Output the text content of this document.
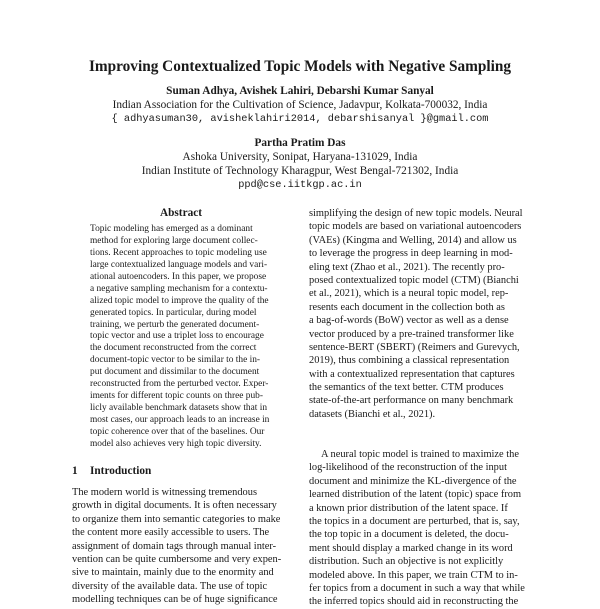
Improving Contextualized Topic Models with Negative Sampling
Suman Adhya, Avishek Lahiri, Debarshi Kumar Sanyal
Indian Association for the Cultivation of Science, Jadavpur, Kolkata-700032, India
{ adhyasuman30, avisheklahiri2014, debarshisanyal }@gmail.com
Partha Pratim Das
Ashoka University, Sonipat, Haryana-131029, India
Indian Institute of Technology Kharagpur, West Bengal-721302, India
ppd@cse.iitkgp.ac.in
Abstract
Topic modeling has emerged as a dominant
method for exploring large document collec-
tions. Recent approaches to topic modeling use
large contextualized language models and vari-
ational autoencoders. In this paper, we propose
a negative sampling mechanism for a contextu-
alized topic model to improve the quality of the
generated topics. In particular, during model
training, we perturb the generated document-
topic vector and use a triplet loss to encourage
the document reconstructed from the correct
document-topic vector to be similar to the in-
put document and dissimilar to the document
reconstructed from the perturbed vector. Exper-
iments for different topic counts on three pub-
licly available benchmark datasets show that in
most cases, our approach leads to an increase in
topic coherence over that of the baselines. Our
model also achieves very high topic diversity.
1 Introduction
The modern world is witnessing tremendous
growth in digital documents. It is often necessary
to organize them into semantic categories to make
the content more easily accessible to users. The
assignment of domain tags through manual inter-
vention can be quite cumbersome and very expen-
sive to maintain, mainly due to the enormity and
diversity of the available data. The use of topic
modelling techniques can be of huge significance
simplifying the design of new topic models. Neural
topic models are based on variational autoencoders
(VAEs) (Kingma and Welling, 2014) and allow us
to leverage the progress in deep learning in mod-
eling text (Zhao et al., 2021). The recently pro-
posed contextualized topic model (CTM) (Bianchi
et al., 2021), which is a neural topic model, rep-
resents each document in the collection both as
a bag-of-words (BoW) vector as well as a dense
vector produced by a pre-trained transformer like
sentence-BERT (SBERT) (Reimers and Gurevych,
2019), thus combining a classical representation
with a contextualized representation that captures
the semantics of the text better. CTM produces
state-of-the-art performance on many benchmark
datasets (Bianchi et al., 2021).
A neural topic model is trained to maximize the
log-likelihood of the reconstruction of the input
document and minimize the KL-divergence of the
learned distribution of the latent (topic) space from
a known prior distribution of the latent space. If
the topics in a document are perturbed, that is, say,
the top topic in a document is deleted, the docu-
ment should display a marked change in its word
distribution. Such an objective is not explicitly
modeled above. In this paper, we train CTM to in-
fer topics from a document in such a way that while
the inferred topics should aid in reconstructing the
